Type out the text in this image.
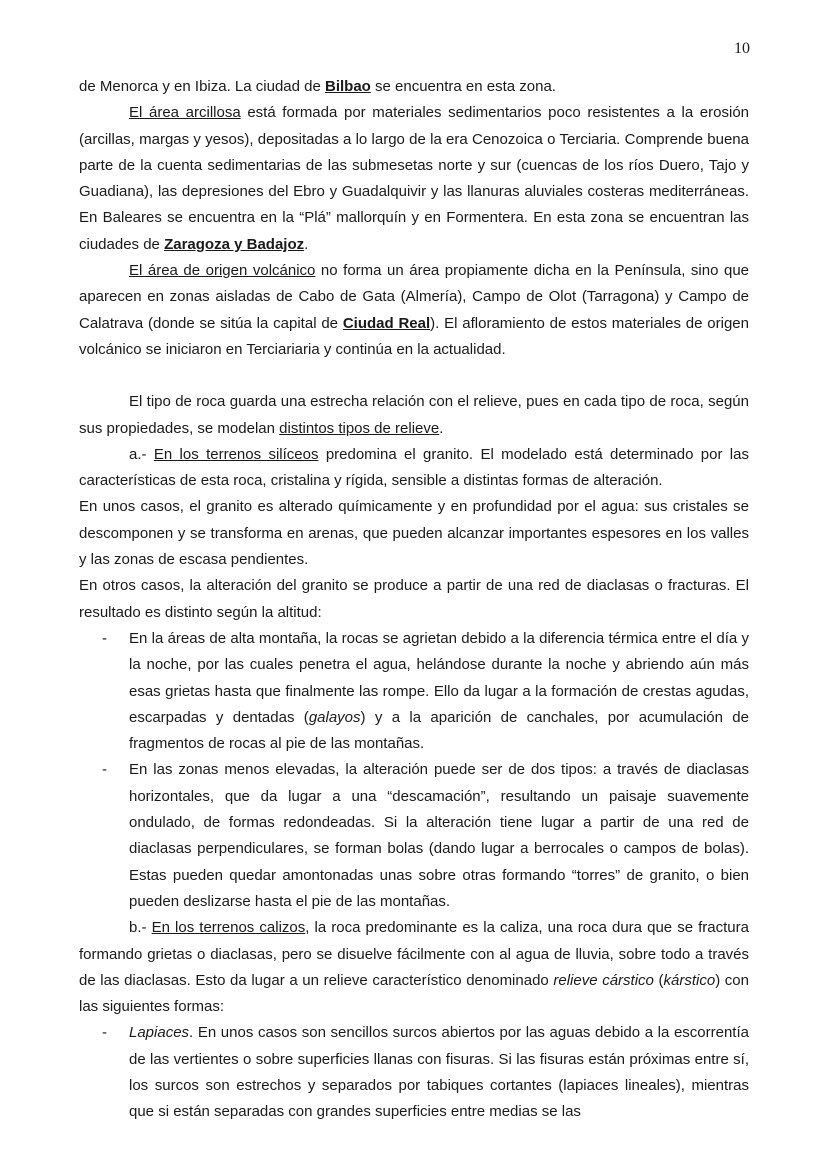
10

de Menorca y en Ibiza. La ciudad de Bilbao se encuentra en esta zona.

El área arcillosa está formada por materiales sedimentarios poco resistentes a la erosión (arcillas, margas y yesos), depositadas a lo largo de la era Cenozoica o Terciaria. Comprende buena parte de la cuenta sedimentarias de las submesetas norte y sur (cuencas de los ríos Duero, Tajo y Guadiana), las depresiones del Ebro y Guadalquivir y las llanuras aluviales costeras mediterráneas. En Baleares se encuentra en la “Plá” mallorquín y en Formentera. En esta zona se encuentran las ciudades de Zaragoza y Badajoz.

El área de origen volcánico no forma un área propiamente dicha en la Península, sino que aparecen en zonas aisladas de Cabo de Gata (Almería), Campo de Olot (Tarragona) y Campo de Calatrava (donde se sitúa la capital de Ciudad Real). El afloramiento de estos materiales de origen volcánico se iniciaron en Terciariaria y continúa en la actualidad.

El tipo de roca guarda una estrecha relación con el relieve, pues en cada tipo de roca, según sus propiedades, se modelan distintos tipos de relieve.

a.- En los terrenos silíceos predomina el granito. El modelado está determinado por las características de esta roca, cristalina y rígida, sensible a distintas formas de alteración.

En unos casos, el granito es alterado químicamente y en profundidad por el agua: sus cristales se descomponen y se transforma en arenas, que pueden alcanzar importantes espesores en los valles y las zonas de escasa pendientes.

En otros casos, la alteración del granito se produce a partir de una red de diaclasas o fracturas. El resultado es distinto según la altitud:

- En la áreas de alta montaña, la rocas se agrietan debido a la diferencia térmica entre el día y la noche, por las cuales penetra el agua, helándose durante la noche y abriendo aún más esas grietas hasta que finalmente las rompe. Ello da lugar a la formación de crestas agudas, escarpadas y dentadas (galayos) y a la aparición de canchales, por acumulación de fragmentos de rocas al pie de las montañas.
- En las zonas menos elevadas, la alteración puede ser de dos tipos: a través de diaclasas horizontales, que da lugar a una “descamación”, resultando un paisaje suavemente ondulado, de formas redondeadas. Si la alteración tiene lugar a partir de una red de diaclasas perpendiculares, se forman bolas (dando lugar a berrocales o campos de bolas). Estas pueden quedar amontonadas unas sobre otras formando “torres” de granito, o bien pueden deslizarse hasta el pie de las montañas.

b.- En los terrenos calizos, la roca predominante es la caliza, una roca dura que se fractura formando grietas o diaclasas, pero se disuelve fácilmente con al agua de lluvia, sobre todo a través de las diaclasas. Esto da lugar a un relieve característico denominado relieve cárstico (kárstico) con las siguientes formas:

- Lapiaces. En unos casos son sencillos surcos abiertos por las aguas debido a la escorrentía de las vertientes o sobre superficies llanas con fisuras. Si las fisuras están próximas entre sí, los surcos son estrechos y separados por tabiques cortantes (lapiaces lineales), mientras que si están separadas con grandes superficies entre medias se las
